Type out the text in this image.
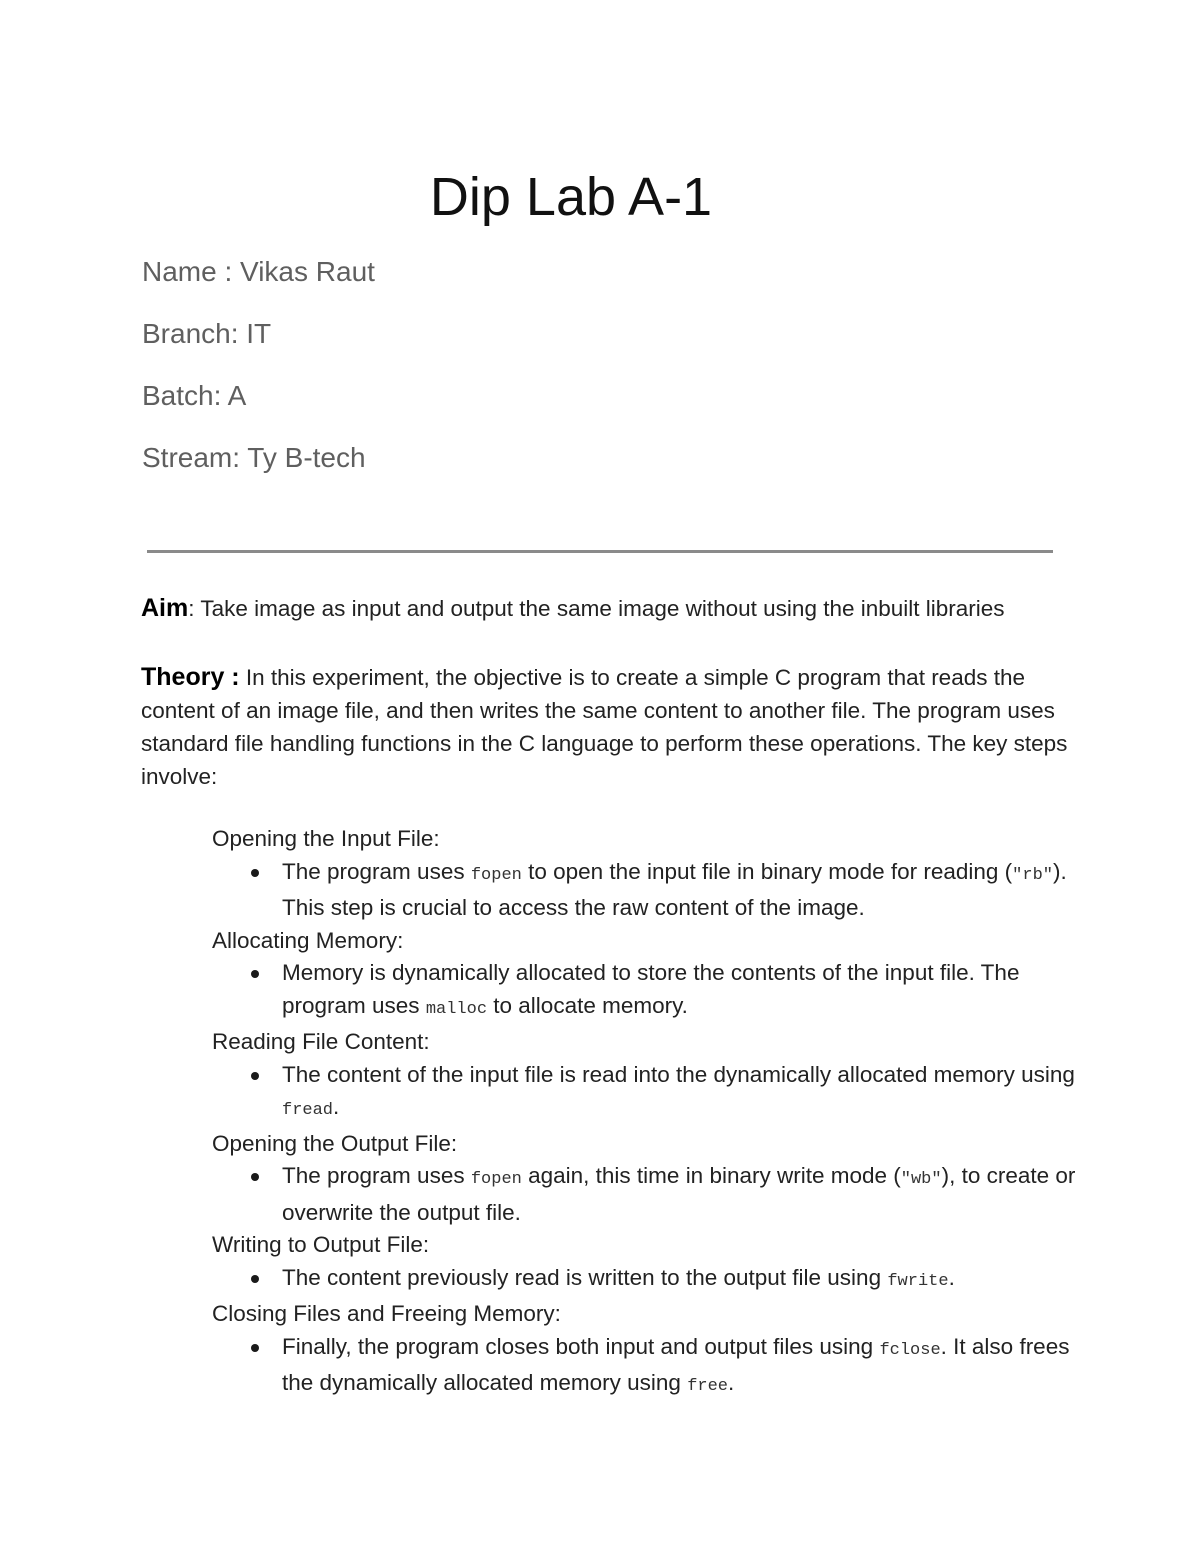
Dip Lab A-1

Name : Vikas Raut

Branch: IT

Batch: A

Stream: Ty B-tech

Aim: Take image as input and output the same image without using the inbuilt libraries

Theory : In this experiment, the objective is to create a simple C program that reads the content of an image file, and then writes the same content to another file. The program uses standard file handling functions in the C language to perform these operations. The key steps involve:

Opening the Input File:

The program uses fopen to open the input file in binary mode for reading ("rb"). This step is crucial to access the raw content of the image.

Allocating Memory:

Memory is dynamically allocated to store the contents of the input file. The program uses malloc to allocate memory.

Reading File Content:

The content of the input file is read into the dynamically allocated memory using fread.

Opening the Output File:

The program uses fopen again, this time in binary write mode ("wb"), to create or overwrite the output file.

Writing to Output File:

The content previously read is written to the output file using fwrite.

Closing Files and Freeing Memory:

Finally, the program closes both input and output files using fclose. It also frees the dynamically allocated memory using free.
